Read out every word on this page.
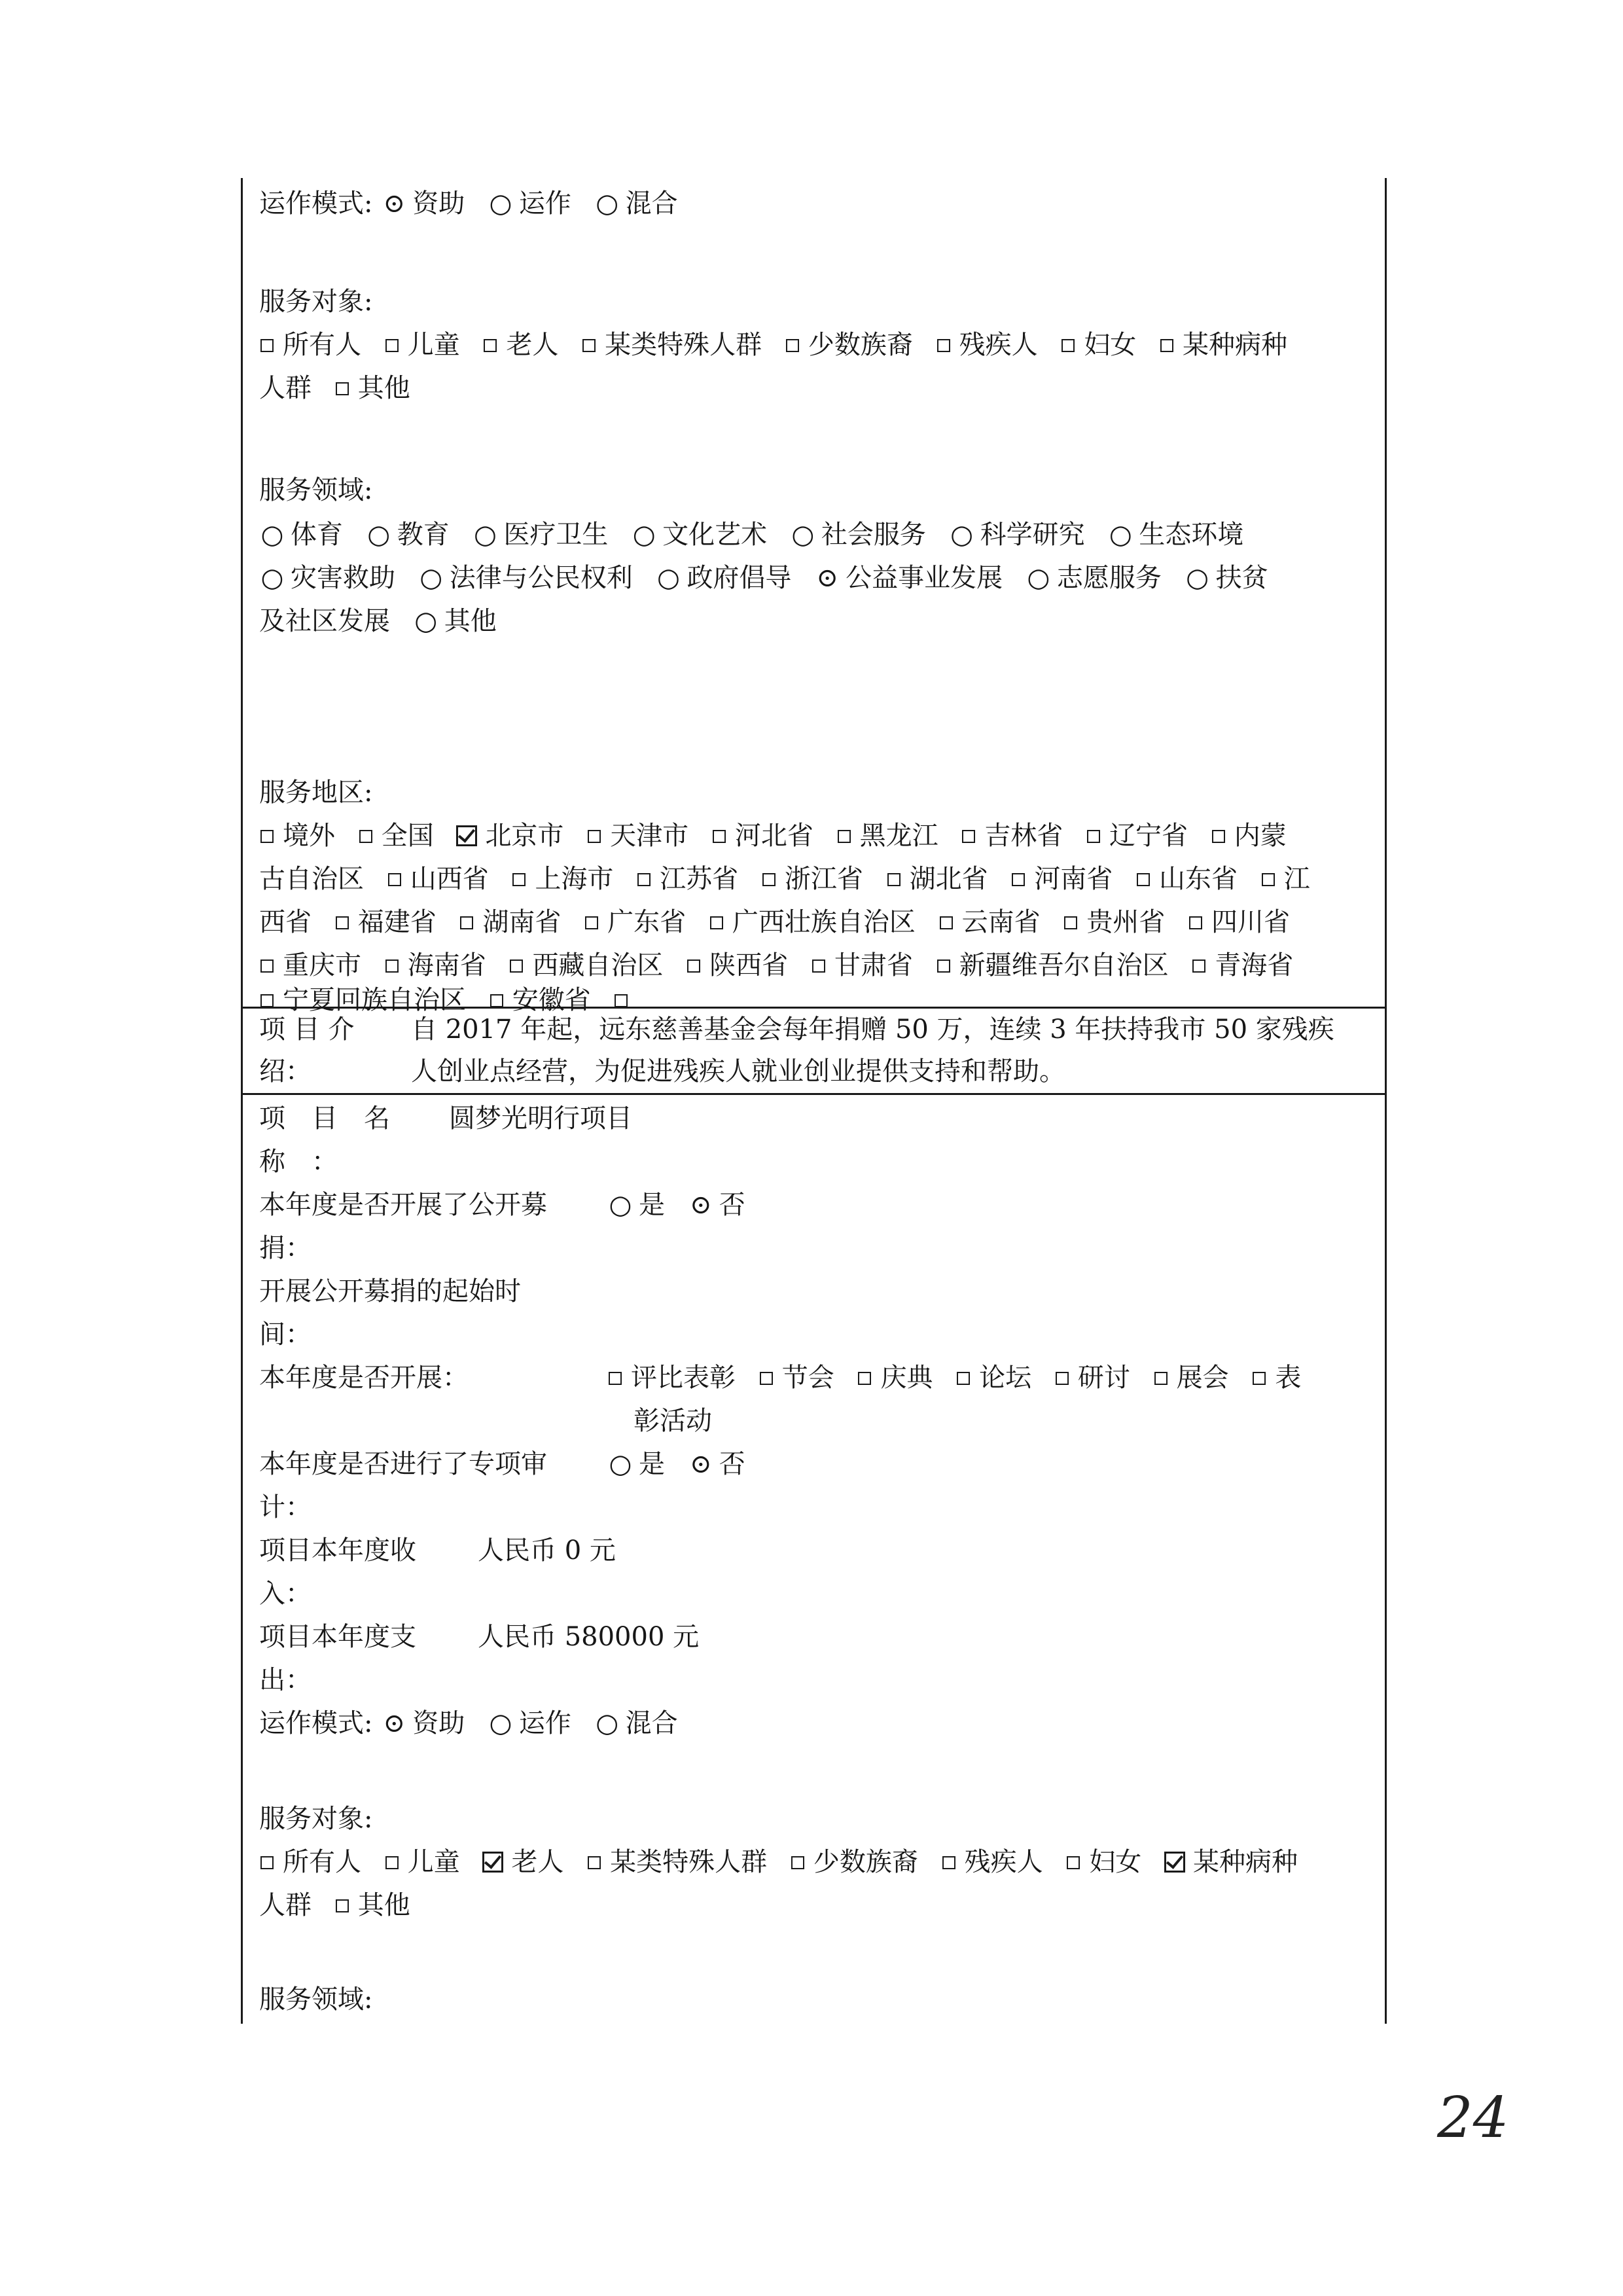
运作模式: ⊙ 资助 ○ 运作 ○ 混合
服务对象:
所有人 儿童 老人 某类特殊人群 少数族裔 残疾人 妇女 某种病种
人群 其他
服务领域:
○ 体育 ○ 教育 ○ 医疗卫生 ○ 文化艺术 ○ 社会服务 ○ 科学研究 ○ 生态环境
○ 灾害救助 ○ 法律与公民权利 ○ 政府倡导 ⊙ 公益事业发展 ○ 志愿服务 ○ 扶贫
及社区发展 ○ 其他
服务地区:
境外 全国 北京市 天津市 河北省 黑龙江 吉林省 辽宁省 内蒙
古自治区 山西省 上海市 江苏省 浙江省 湖北省 河南省 山东省 江
西省 福建省 湖南省 广东省 广西壮族自治区 云南省 贵州省 四川省
重庆市 海南省 西藏自治区 陕西省 甘肃省 新疆维吾尔自治区 青海省
宁夏回族自治区 安徽省
项 目 介
绍：
自 2017 年起，远东慈善基金会每年捐赠 50 万，连续 3 年扶持我市 50 家残疾
人创业点经营，为促进残疾人就业创业提供支持和帮助。
项　目　名 圆梦光明行项目
称　：
本年度是否开展了公开募 ○ 是 ⊙ 否
捐：
开展公开募捐的起始时
间：
本年度是否开展：	评比表彰 节会 庆典 论坛 研讨 展会 表
彰活动
本年度是否进行了专项审 ○ 是 ⊙ 否
计：
项目本年度收 人民币 0 元
入：
项目本年度支 人民币 580000 元
出：
运作模式: ⊙ 资助 ○ 运作 ○ 混合
服务对象:
所有人 儿童 老人 某类特殊人群 少数族裔 残疾人 妇女 某种病种
人群 其他
服务领域:
24
